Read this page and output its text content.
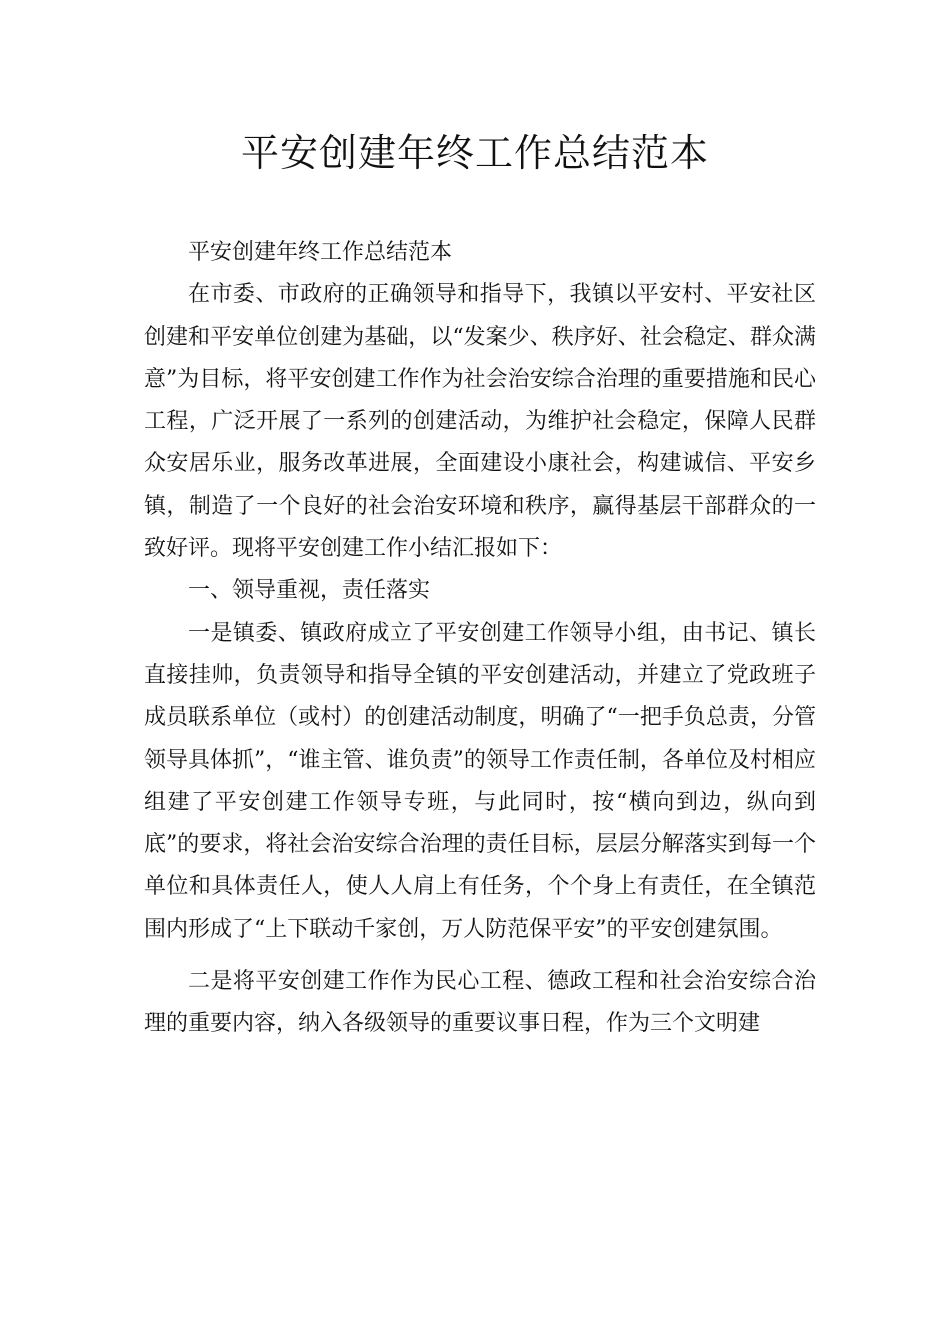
平安创建年终工作总结范本

平安创建年终工作总结范本

在市委、市政府的正确领导和指导下，我镇以平安村、平安社区创建和平安单位创建为基础，以“发案少、秩序好、社会稳定、群众满意”为目标，将平安创建工作作为社会治安综合治理的重要措施和民心工程，广泛开展了一系列的创建活动，为维护社会稳定，保障人民群众安居乐业，服务改革进展，全面建设小康社会，构建诚信、平安乡镇，制造了一个良好的社会治安环境和秩序，赢得基层干部群众的一致好评。现将平安创建工作小结汇报如下：

一、领导重视，责任落实

一是镇委、镇政府成立了平安创建工作领导小组，由书记、镇长直接挂帅，负责领导和指导全镇的平安创建活动，并建立了党政班子成员联系单位（或村）的创建活动制度，明确了“一把手负总责，分管领导具体抓”，“谁主管、谁负责”的领导工作责任制，各单位及村相应组建了平安创建工作领导专班，与此同时，按“横向到边，纵向到底”的要求，将社会治安综合治理的责任目标，层层分解落实到每一个单位和具体责任人，使人人肩上有任务，个个身上有责任，在全镇范围内形成了“上下联动千家创，万人防范保平安”的平安创建氛围。

二是将平安创建工作作为民心工程、德政工程和社会治安综合治理的重要内容，纳入各级领导的重要议事日程，作为三个文明建
